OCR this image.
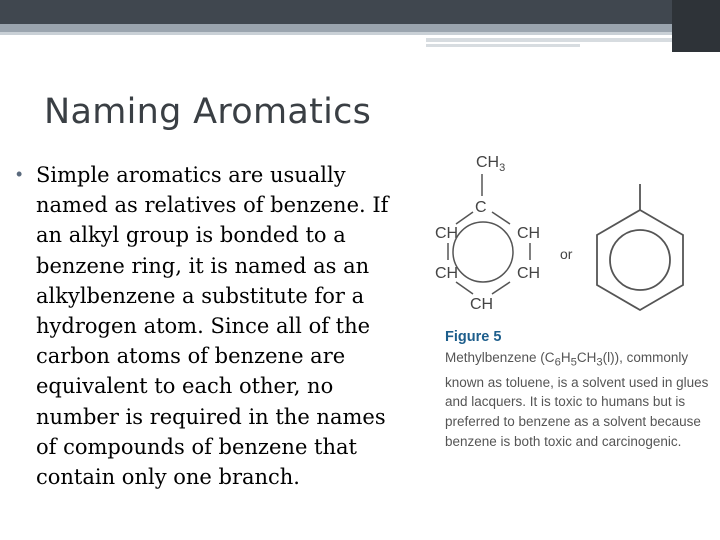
Naming Aromatics
• Simple aromatics are usually named as relatives of benzene. If an alkyl group is bonded to a benzene ring, it is named as an alkylbenzene a substitute for a hydrogen atom. Since all of the carbon atoms of benzene are equivalent to each other, no number is required in the names of compounds of benzene that contain only one branch.

$CH_3$
C
CH	CH
CH	CH
CH
or

Figure 5
Methylbenzene $(C_6H_5CH_3(l))$, commonly known as toluene, is a solvent used in glues and lacquers. It is toxic to humans but is preferred to benzene as a solvent because benzene is both toxic and carcinogenic.
